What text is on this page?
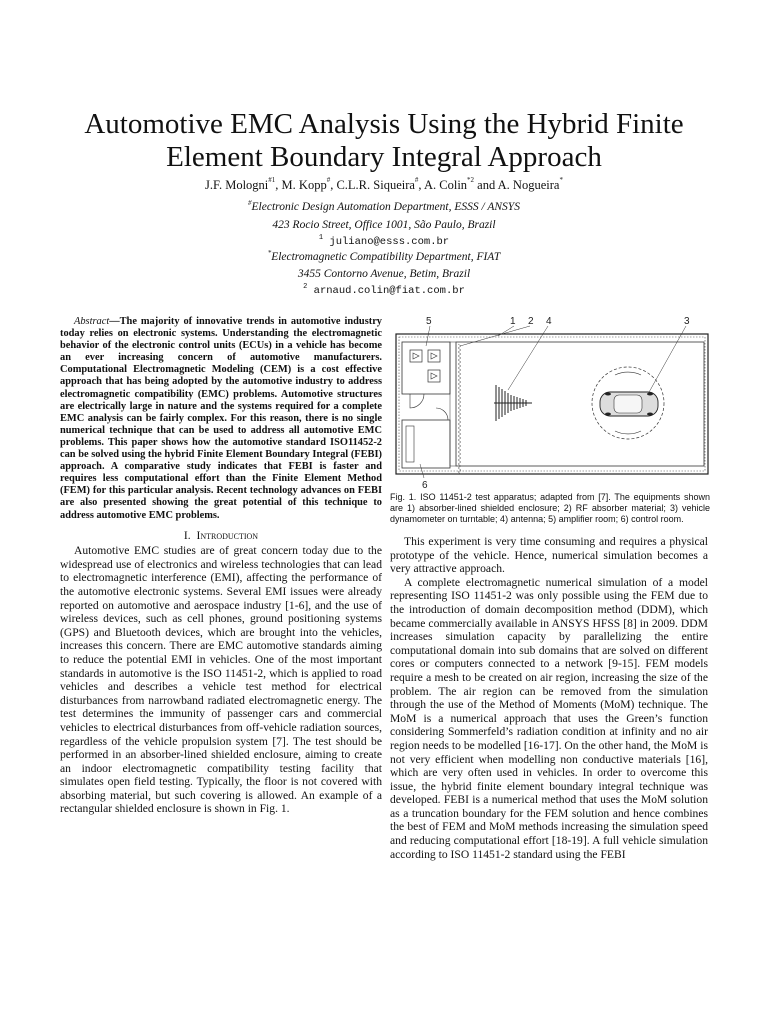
Automotive EMC Analysis Using the Hybrid Finite Element Boundary Integral Approach
J.F. Mologni$^{\#1}$, M. Kopp#, C.L.R. Siqueira#, A. Colin$^{*2}$ and A. Nogueira*
#Electronic Design Automation Department, ESSS / ANSYS
423 Rocio Street, Office 1001, São Paulo, Brazil
$^1$ juliano@esss.com.br
*Electromagnetic Compatibility Department, FIAT
3455 Contorno Avenue, Betim, Brazil
$^2$ arnaud.colin@fiat.com.br

Abstract—The majority of innovative trends in automotive industry today relies on electronic systems. Understanding the electromagnetic behavior of the electronic control units (ECUs) in a vehicle has become an ever increasing concern of automotive manufacturers. Computational Electromagnetic Modeling (CEM) is a cost effective approach that has being adopted by the automotive industry to address electromagnetic compatibility (EMC) problems. Automotive structures are electrically large in nature and the systems required for a complete EMC analysis can be fairly complex. For this reason, there is no single numerical technique that can be used to address all automotive EMC problems. This paper shows how the automotive standard ISO11452-2 can be solved using the hybrid Finite Element Boundary Integral (FEBI) approach. A comparative study indicates that FEBI is faster and requires less computational effort than the Finite Element Method (FEM) for this particular analysis. Recent technology advances on FEBI are also presented showing the great potential of this technique to address automotive EMC problems.

I. Introduction

Automotive EMC studies are of great concern today due to the widespread use of electronics and wireless technologies that can lead to electromagnetic interference (EMI), affecting the performance of the automotive electronic systems. Several EMI issues were already reported on automotive and aerospace industry [1-6], and the use of wireless devices, such as cell phones, ground positioning systems (GPS) and Bluetooth devices, which are brought into the vehicles, increases this concern. There are EMC automotive standards aiming to reduce the potential EMI in vehicles. One of the most important standards in automotive is the ISO 11451-2, which is applied to road vehicles and describes a vehicle test method for electrical disturbances from narrowband radiated electromagnetic energy. The test determines the immunity of passenger cars and commercial vehicles to electrical disturbances from off-vehicle radiation sources, regardless of the vehicle propulsion system [7]. The test should be performed in an absorber-lined shielded enclosure, aiming to create an indoor electromagnetic compatibility testing facility that simulates open field testing. Typically, the floor is not covered with absorbing material, but such covering is allowed. An example of a rectangular shielded enclosure is shown in Fig. 1.

5	1 2 4	3
6
Fig. 1. ISO 11451-2 test apparatus; adapted from [7]. The equipments shown are 1) absorber-lined shielded enclosure; 2) RF absorber material; 3) vehicle dynamometer on turntable; 4) antenna; 5) amplifier room; 6) control room.

This experiment is very time consuming and requires a physical prototype of the vehicle. Hence, numerical simulation becomes a very attractive approach.

A complete electromagnetic numerical simulation of a model representing ISO 11451-2 was only possible using the FEM due to the introduction of domain decomposition method (DDM), which became commercially available in ANSYS HFSS [8] in 2009. DDM increases simulation capacity by parallelizing the entire computational domain into sub domains that are solved on different cores or computers connected to a network [9-15]. FEM models require a mesh to be created on air region, increasing the size of the problem. The air region can be removed from the simulation through the use of the Method of Moments (MoM) technique. The MoM is a numerical approach that uses the Green’s function considering Sommerfeld’s radiation condition at infinity and no air region needs to be modelled [16-17]. On the other hand, the MoM is not very efficient when modelling non conductive materials [16], which are very often used in vehicles. In order to overcome this issue, the hybrid finite element boundary integral technique was developed. FEBI is a numerical method that uses the MoM solution as a truncation boundary for the FEM solution and hence combines the best of FEM and MoM methods increasing the simulation speed and reducing computational effort [18-19]. A full vehicle simulation according to ISO 11451-2 standard using the FEBI
